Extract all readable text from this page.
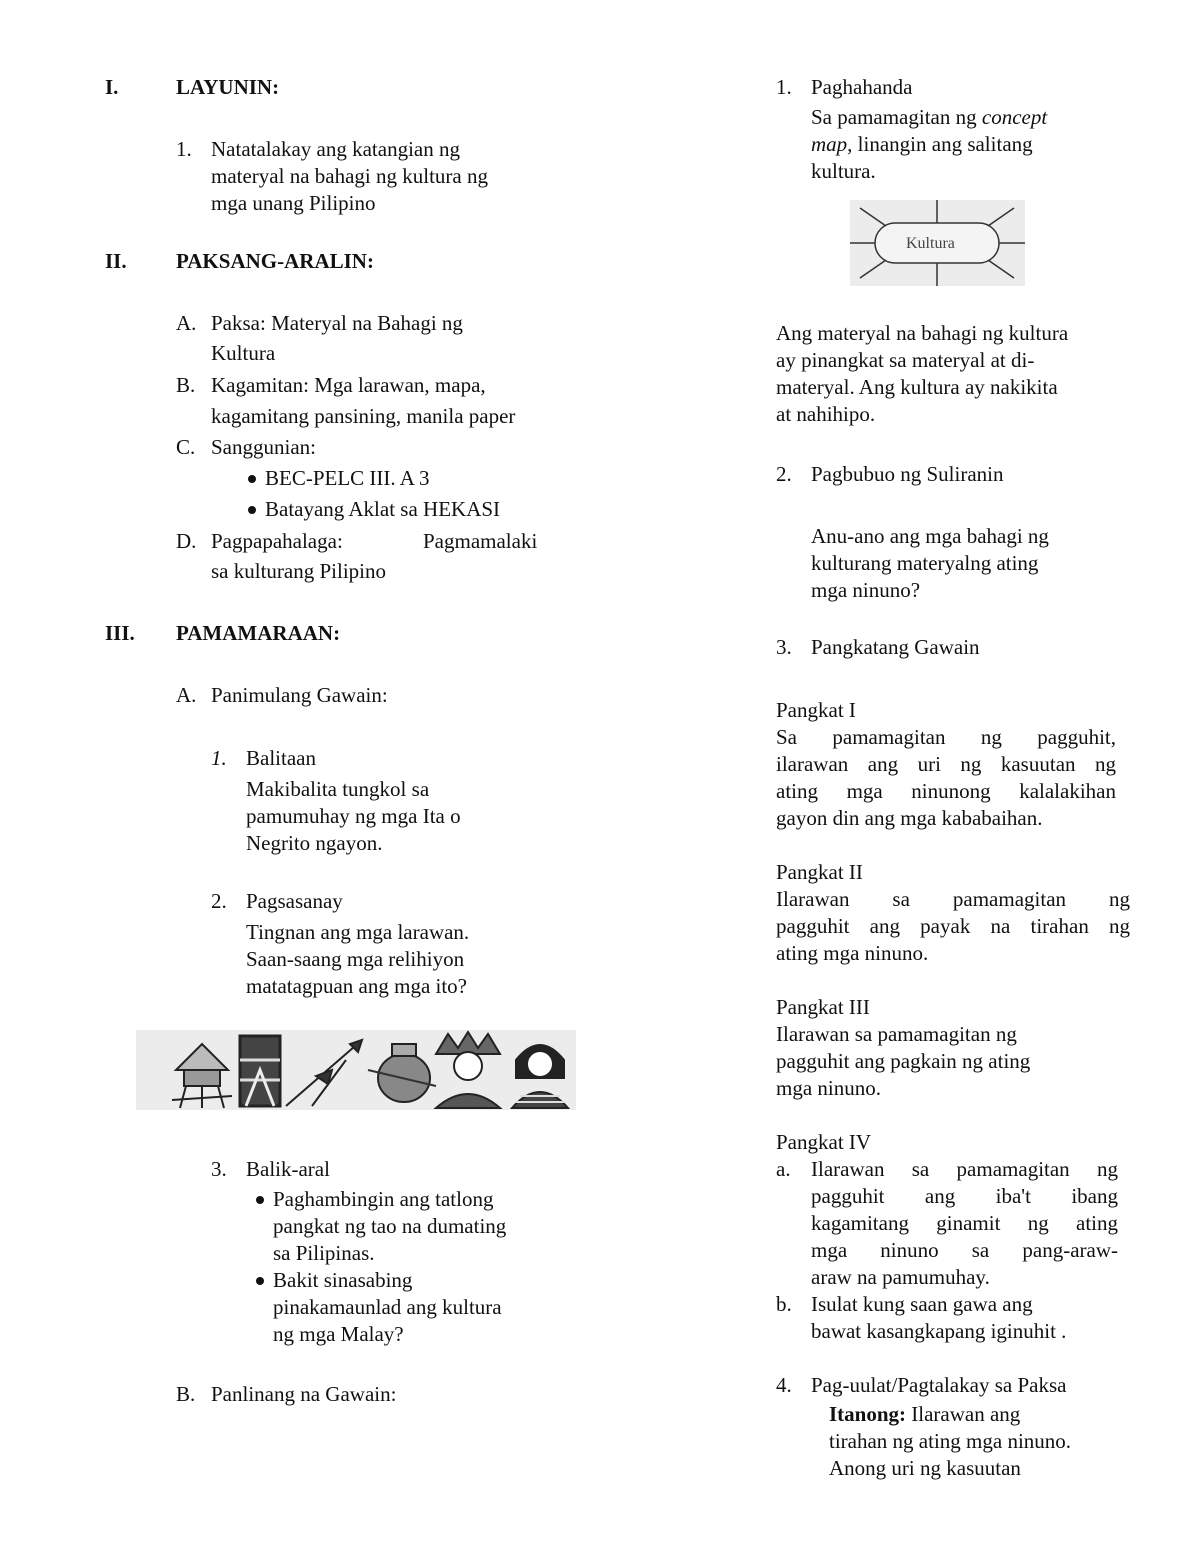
I.	LAYUNIN:
1. Natatalakay ang katangian ng
materyal na bahagi ng kultura ng
mga unang Pilipino
II. PAKSANG-ARALIN:
A. Paksa: Materyal na Bahagi ng
Kultura
B. Kagamitan: Mga larawan, mapa,
kagamitang pansining, manila paper
C. Sanggunian:
BEC-PELC III. A 3
Batayang Aklat sa HEKASI
D. Pagpapahalaga:	Pagmamalaki
sa kulturang Pilipino
III. PAMAMARAAN:
A. Panimulang Gawain:
1. Balitaan
Makibalita tungkol sa
pamumuhay ng mga Ita o
Negrito ngayon.
2. Pagsasanay
Tingnan ang mga larawan.
Saan-saang mga relihiyon
matatagpuan ang mga ito?
3. Balik-aral
Paghambingin ang tatlong
pangkat ng tao na dumating
sa Pilipinas.
Bakit sinasabing
pinakamaunlad ang kultura
ng mga Malay?
B. Panlinang na Gawain:
1. Paghahanda
Sa pamamagitan ng concept
map, linangin ang salitang
kultura.
Kultura
Ang materyal na bahagi ng kultura
ay pinangkat sa materyal at di-
materyal. Ang kultura ay nakikita
at nahihipo.
2. Pagbubuo ng Suliranin
Anu-ano ang mga bahagi ng
kulturang materyalng ating
mga ninuno?
3. Pangkatang Gawain
Pangkat I
Sa pamamagitan ng pagguhit,
ilarawan ang uri ng kasuutan ng
ating mga ninunong kalalakihan
gayon din ang mga kababaihan.
Pangkat II
Ilarawan sa pamamagitan ng
pagguhit ang payak na tirahan ng
ating mga ninuno.
Pangkat III
Ilarawan sa pamamagitan ng
pagguhit ang pagkain ng ating
mga ninuno.
Pangkat IV
a. Ilarawan sa pamamagitan ng
pagguhit ang iba't ibang
kagamitang ginamit ng ating
mga ninuno sa pang-araw-
araw na pamumuhay.
b. Isulat kung saan gawa ang
bawat kasangkapang iginuhit .
4. Pag-uulat/Pagtalakay sa Paksa
Itanong: Ilarawan ang
tirahan ng ating mga ninuno.
Anong uri ng kasuutan
